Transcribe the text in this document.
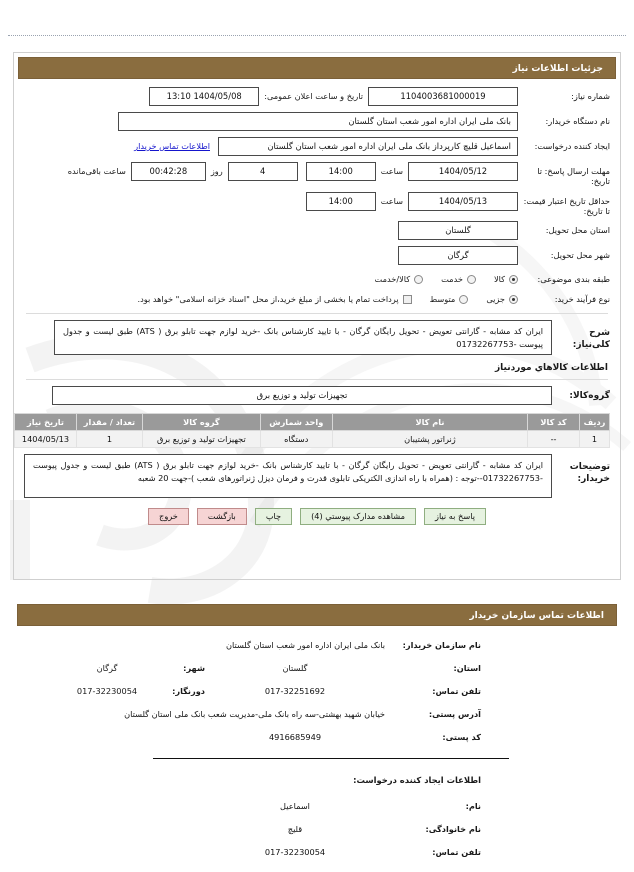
جزئیات اطلاعات نیاز
شماره نیاز:
1104003681000019
تاریخ و ساعت اعلان عمومی:
1404/05/08 13:10
نام دستگاه خریدار:
بانک ملی ایران اداره امور شعب استان گلستان
ایجاد کننده درخواست:
اسماعیل قلیچ کارپرداز بانک ملی ایران اداره امور شعب استان گلستان
اطلاعات تماس خریدار
مهلت ارسال پاسخ: تا تاریخ:
1404/05/12
ساعت
14:00
4
روز
00:42:28
ساعت باقی‌مانده
حداقل تاریخ اعتبار قیمت: تا تاریخ:
1404/05/13
ساعت
14:00
استان محل تحویل:
گلستان
شهر محل تحویل:
گرگان
طبقه بندی موضوعی:
کالا
خدمت
کالا/خدمت
نوع فرآیند خرید:
جزیی
متوسط
پرداخت تمام یا بخشی از مبلغ خرید،از محل "اسناد خزانه اسلامی" خواهد بود.
شرح کلی‌نیاز:
ایران کد مشابه - گارانتی تعویض - تحویل رایگان گرگان - با تایید کارشناس بانک -خرید لوازم جهت تابلو برق ( ATS) طبق لیست و جدول پیوست -01732267753
اطلاعات کالاهاي موردنیاز
گروه‌کالا:
تجهیزات تولید و توزیع برق
ردیف	کد کالا	نام کالا	واحد شمارش	گروه کالا	تعداد / مقدار	تاریخ نیاز
1	--	ژنراتور پشتیبان	دستگاه	تجهیزات تولید و توزیع برق	1	1404/05/13
توضیحات خریدار:
ایران کد مشابه - گارانتی تعویض - تحویل رایگان گرگان - با تایید کارشناس بانک -خرید لوازم جهت تابلو برق ( ATS) طبق لیست و جدول پیوست -01732267753--توجه : (همراه با راه اندازی الکتریکی تابلوی قدرت و فرمان دیزل ژنراتورهای شعب )-جهت 20 شعبه
پاسخ به نیاز
مشاهده مدارک پیوستي (4)
چاپ
بازگشت
خروج
اطلاعات تماس سازمان خریدار
نام سازمان خریدار:
بانک ملی ایران اداره امور شعب استان گلستان
استان:
گلستان
شهر:
گرگان
تلفن تماس:
017-32251692
دورنگار:
017-32230054
آدرس پستی:
خیابان شهید بهشتی-سه راه بانک ملی-مدیریت شعب بانک ملی استان گلستان
کد پستی:
4916685949
اطلاعات ایجاد کننده درخواست:
نام:
اسماعیل
نام خانوادگی:
قلیچ
تلفن تماس:
017-32230054
